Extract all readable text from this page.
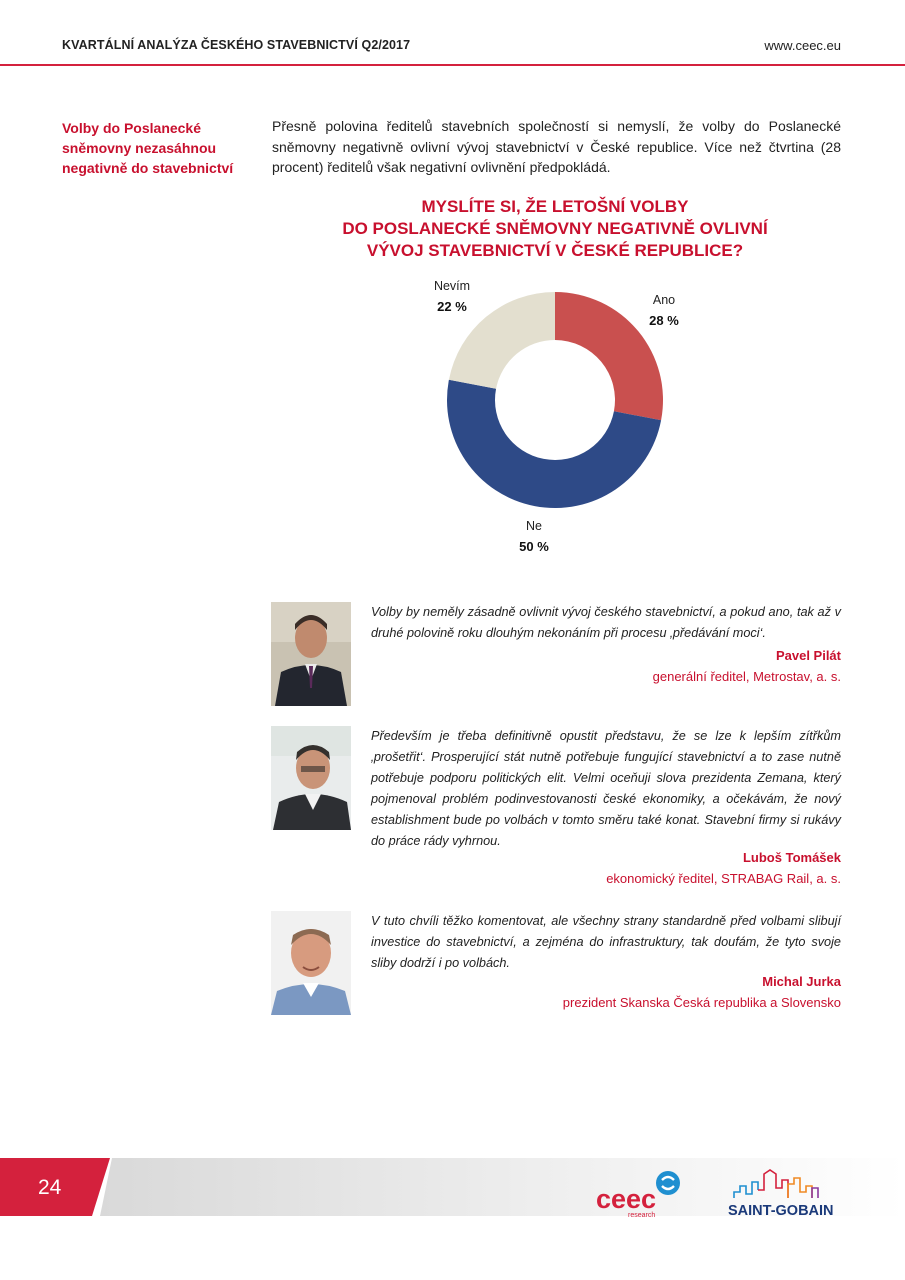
KVARTÁLNÍ ANALÝZA ČESKÉHO STAVEBNICTVÍ Q2/2017	www.ceec.eu
Volby do Poslanecké sněmovny nezasáhnou negativně do stavebnictví
Přesně polovina ředitelů stavebních společností si nemyslí, že volby do Poslanecké sněmovny negativně ovlivní vývoj stavebnictví v České republice. Více než čtvrtina (28 procent) ředitelů však negativní ovlivnění předpokládá.
MYSLÍTE SI, ŽE LETOŠNÍ VOLBY
DO POSLANECKÉ SNĚMOVNY NEGATIVNĚ OVLIVNÍ
VÝVOJ STAVEBNICTVÍ V ČESKÉ REPUBLICE?
Ano
28 %
Ne
50 %
Nevím
22 %
Volby by neměly zásadně ovlivnit vývoj českého stavebnictví, a pokud ano, tak až v druhé polovině roku dlouhým nekonáním při procesu ‚předávání moci‘.
Pavel Pilát
generální ředitel, Metrostav, a. s.
Především je třeba definitivně opustit představu, že se lze k lepším zítřkům ‚prošetřit‘. Prosperující stát nutně potřebuje fungující stavebnictví a to zase nutně potřebuje podporu politických elit. Velmi oceňuji slova prezidenta Zemana, který pojmenoval problém podinvestovanosti české ekonomiky, a očekávám, že nový establishment bude po volbách v tomto směru také konat. Stavební firmy si rukávy do práce rády vyhrnou.
Luboš Tomášek
ekonomický ředitel, STRABAG Rail, a. s.
V tuto chvíli těžko komentovat, ale všechny strany standardně před volbami slibují investice do stavebnictví, a zejména do infrastruktury, tak doufám, že tyto svoje sliby dodrží i po volbách.
Michal Jurka
prezident Skanska Česká republika a Slovensko
24	ceec
research	SAINT-GOBAIN
